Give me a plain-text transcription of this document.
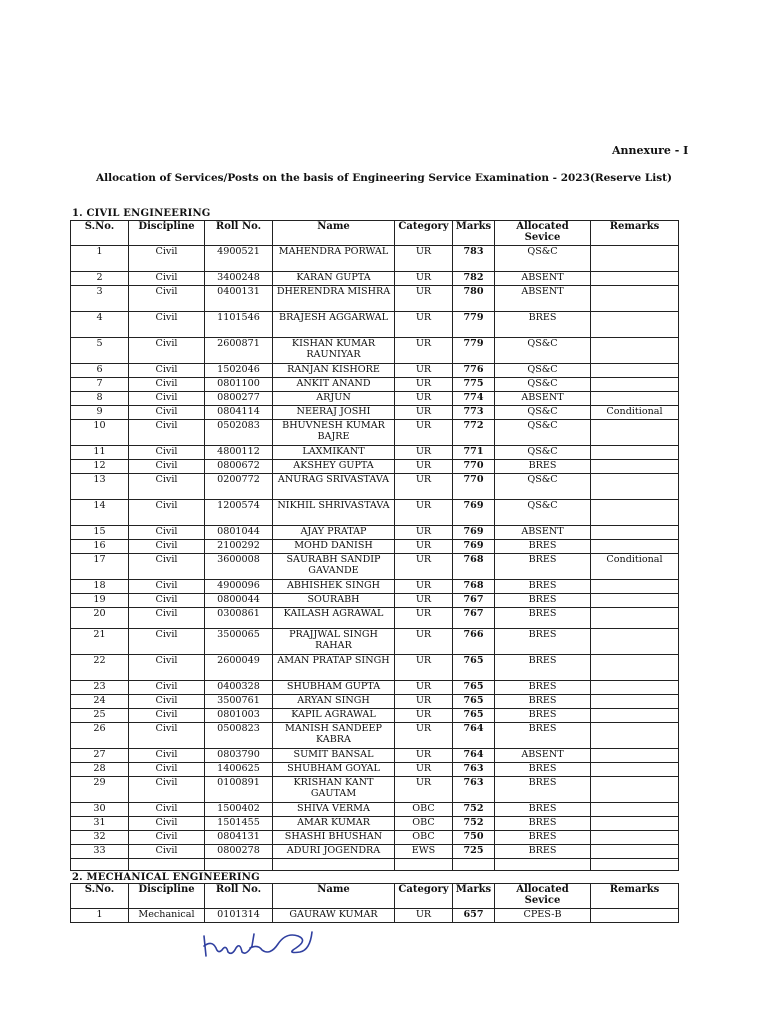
Annexure - I
Allocation of Services/Posts on the basis of Engineering Service Examination - 2023(Reserve List)
1. CIVIL ENGINEERING
S.No.	Discipline	Roll No.	Name	Category	Marks	Allocated Sevice	Remarks
1	Civil	4900521	MAHENDRA PORWAL	UR	783	QS&C	
2	Civil	3400248	KARAN GUPTA	UR	782	ABSENT	
3	Civil	0400131	DHERENDRA MISHRA	UR	780	ABSENT	
4	Civil	1101546	BRAJESH AGGARWAL	UR	779	BRES	
5	Civil	2600871	KISHAN KUMAR RAUNIYAR	UR	779	QS&C	
6	Civil	1502046	RANJAN KISHORE	UR	776	QS&C	
7	Civil	0801100	ANKIT ANAND	UR	775	QS&C	
8	Civil	0800277	ARJUN	UR	774	ABSENT	
9	Civil	0804114	NEERAJ JOSHI	UR	773	QS&C	Conditional
10	Civil	0502083	BHUVNESH KUMAR BAJRE	UR	772	QS&C	
11	Civil	4800112	LAXMIKANT	UR	771	QS&C	
12	Civil	0800672	AKSHEY GUPTA	UR	770	BRES	
13	Civil	0200772	ANURAG SRIVASTAVA	UR	770	QS&C	
14	Civil	1200574	NIKHIL SHRIVASTAVA	UR	769	QS&C	
15	Civil	0801044	AJAY PRATAP	UR	769	ABSENT	
16	Civil	2100292	MOHD DANISH	UR	769	BRES	
17	Civil	3600008	SAURABH SANDIP GAVANDE	UR	768	BRES	Conditional
18	Civil	4900096	ABHISHEK SINGH	UR	768	BRES	
19	Civil	0800044	SOURABH	UR	767	BRES	
20	Civil	0300861	KAILASH AGRAWAL	UR	767	BRES	
21	Civil	3500065	PRAJJWAL SINGH RAHAR	UR	766	BRES	
22	Civil	2600049	AMAN PRATAP SINGH	UR	765	BRES	
23	Civil	0400328	SHUBHAM GUPTA	UR	765	BRES	
24	Civil	3500761	ARYAN SINGH	UR	765	BRES	
25	Civil	0801003	KAPIL AGRAWAL	UR	765	BRES	
26	Civil	0500823	MANISH SANDEEP KABRA	UR	764	BRES	
27	Civil	0803790	SUMIT BANSAL	UR	764	ABSENT	
28	Civil	1400625	SHUBHAM GOYAL	UR	763	BRES	
29	Civil	0100891	KRISHAN KANT GAUTAM	UR	763	BRES	
30	Civil	1500402	SHIVA VERMA	OBC	752	BRES	
31	Civil	1501455	AMAR KUMAR	OBC	752	BRES	
32	Civil	0804131	SHASHI BHUSHAN	OBC	750	BRES	
33	Civil	0800278	ADURI JOGENDRA	EWS	725	BRES	

2. MECHANICAL ENGINEERING
S.No.	Discipline	Roll No.	Name	Category	Marks	Allocated Sevice	Remarks
1	Mechanical	0101314	GAURAW KUMAR	UR	657	CPES-B	
